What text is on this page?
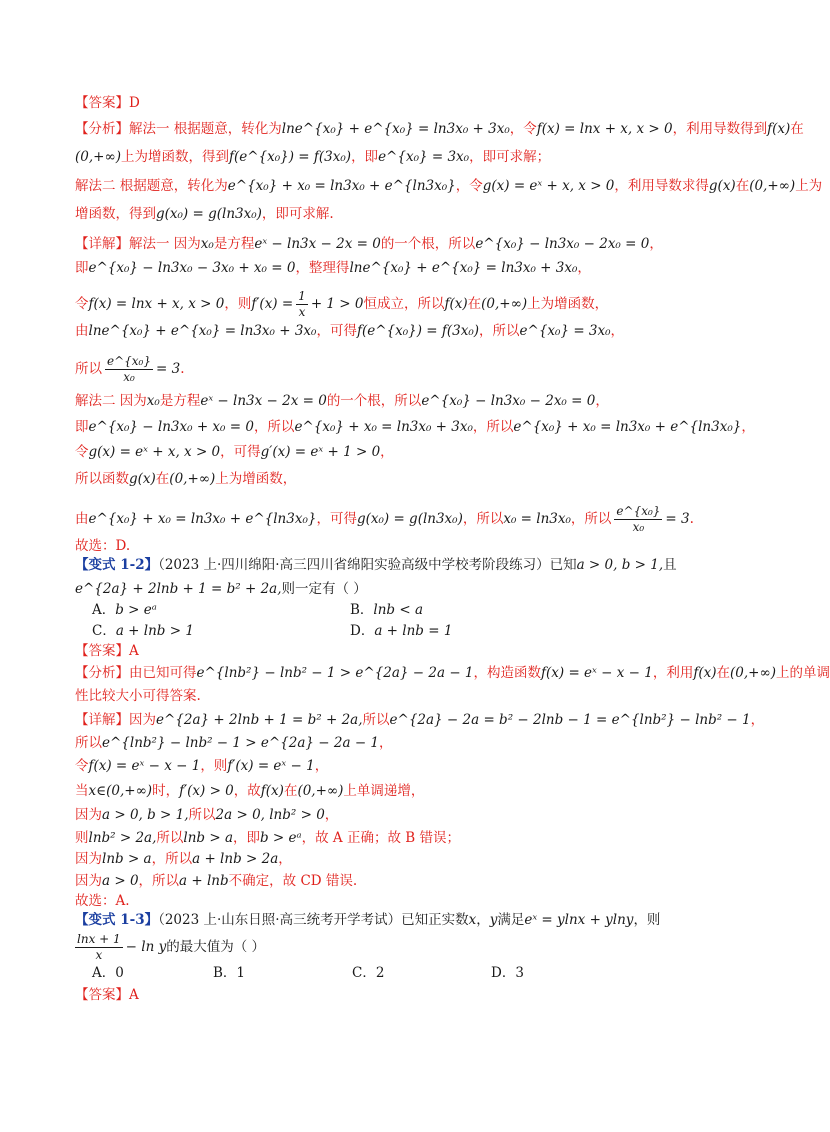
【答案】D
【分析】解法一 根据题意，转化为lne^{x₀} + e^{x₀} = ln3x₀ + 3x₀，令f(x) = lnx + x, x > 0，利用导数得到f(x)在
(0,+∞)上为增函数，得到f(e^{x₀}) = f(3x₀)，即e^{x₀} = 3x₀，即可求解；
解法二 根据题意，转化为e^{x₀} + x₀ = ln3x₀ + e^{ln3x₀}，令g(x) = eˣ + x, x > 0，利用导数求得g(x)在(0,+∞)上为
增函数，得到g(x₀) = g(ln3x₀)，即可求解.
【详解】解法一 因为x₀是方程eˣ − ln3x − 2x = 0的一个根，所以e^{x₀} − ln3x₀ − 2x₀ = 0，
即e^{x₀} − ln3x₀ − 3x₀ + x₀ = 0，整理得lne^{x₀} + e^{x₀} = ln3x₀ + 3x₀，
令f(x) = lnx + x, x > 0，则$f'(x) = \frac{1}{x} + 1 > 0$恒成立，所以f(x)在(0,+∞)上为增函数，
由lne^{x₀} + e^{x₀} = ln3x₀ + 3x₀，可得f(e^{x₀}) = f(3x₀)，所以e^{x₀} = 3x₀，
所以 $\frac{\text{e\textasciicircum{}\{x₀\}}}{\text{x₀}} = 3$.
解法二 因为x₀是方程eˣ − ln3x − 2x = 0的一个根，所以e^{x₀} − ln3x₀ − 2x₀ = 0，
即e^{x₀} − ln3x₀ + x₀ = 0，所以e^{x₀} + x₀ = ln3x₀ + 3x₀，所以e^{x₀} + x₀ = ln3x₀ + e^{ln3x₀}，
令g(x) = eˣ + x, x > 0，可得g′(x) = eˣ + 1 > 0，
所以函数g(x)在(0,+∞)上为增函数，
由e^{x₀} + x₀ = ln3x₀ + e^{ln3x₀}，可得g(x₀) = g(ln3x₀)，所以x₀ = ln3x₀，所以 $\frac{\text{e\textasciicircum{}\{x₀\}}}{\text{x₀}} = 3$.
故选：D.
【变式 1-2】（2023 上·四川绵阳·高三四川省绵阳实验高级中学校考阶段练习）已知a > 0, b > 1,且
e^{2a} + 2lnb + 1 = b² + 2a,则一定有（ ）
A．b > eᵃ	B．lnb < a
C．a + lnb > 1	D．a + lnb = 1
【答案】A
【分析】由已知可得e^{lnb²} − lnb² − 1 > e^{2a} − 2a − 1，构造函数f(x) = eˣ − x − 1，利用f(x)在(0,+∞)上的单调
性比较大小可得答案.
【详解】因为e^{2a} + 2lnb + 1 = b² + 2a,所以e^{2a} − 2a = b² − 2lnb − 1 = e^{lnb²} − lnb² − 1，
所以e^{lnb²} − lnb² − 1 > e^{2a} − 2a − 1，
令f(x) = eˣ − x − 1，则f′(x) = eˣ − 1，
当x∈(0,+∞)时，f′(x) > 0，故f(x)在(0,+∞)上单调递增，
因为a > 0, b > 1,所以2a > 0, lnb² > 0，
则lnb² > 2a,所以lnb > a，即b > eᵃ，故 A 正确；故 B 错误；
因为lnb > a，所以a + lnb > 2a，
因为a > 0，所以a + lnb不确定，故 CD 错误.
故选：A.
【变式 1-3】（2023 上·山东日照·高三统考开学考试）已知正实数x，y满足eˣ = ylnx + ylny，则
$\frac{\ln x + 1}{x} - \ln y$的最大值为（ ）
A．0	B．1	C．2	D．3
【答案】A
